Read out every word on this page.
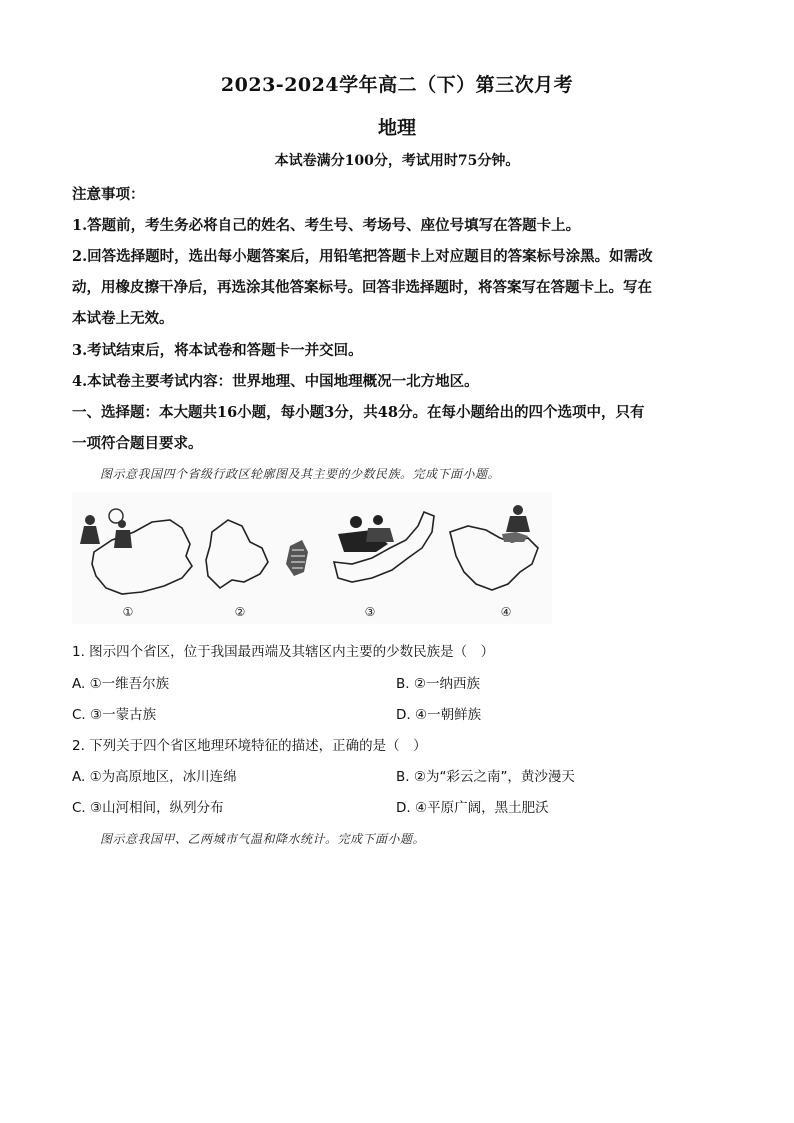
2023-2024学年高二（下）第三次月考
地理
本试卷满分100分，考试用时75分钟。
注意事项：
1.答题前，考生务必将自己的姓名、考生号、考场号、座位号填写在答题卡上。
2.回答选择题时，选出每小题答案后，用铅笔把答题卡上对应题目的答案标号涂黑。如需改
动，用橡皮擦干净后，再选涂其他答案标号。回答非选择题时，将答案写在答题卡上。写在
本试卷上无效。
3.考试结束后，将本试卷和答题卡一并交回。
4.本试卷主要考试内容：世界地理、中国地理概况一北方地区。
一、选择题：本大题共16小题，每小题3分，共48分。在每小题给出的四个选项中，只有
一项符合题目要求。
图示意我国四个省级行政区轮廓图及其主要的少数民族。完成下面小题。
①	②	③	④
1. 图示四个省区，位于我国最西端及其辖区内主要的少数民族是（　）
A. ①一维吾尔族	B. ②一纳西族
C. ③一蒙古族	D. ④一朝鲜族
2. 下列关于四个省区地理环境特征的描述，正确的是（　）
A. ①为高原地区，冰川连绵	B. ②为“彩云之南”，黄沙漫天
C. ③山河相间，纵列分布	D. ④平原广阔，黑土肥沃
图示意我国甲、乙两城市气温和降水统计。完成下面小题。
